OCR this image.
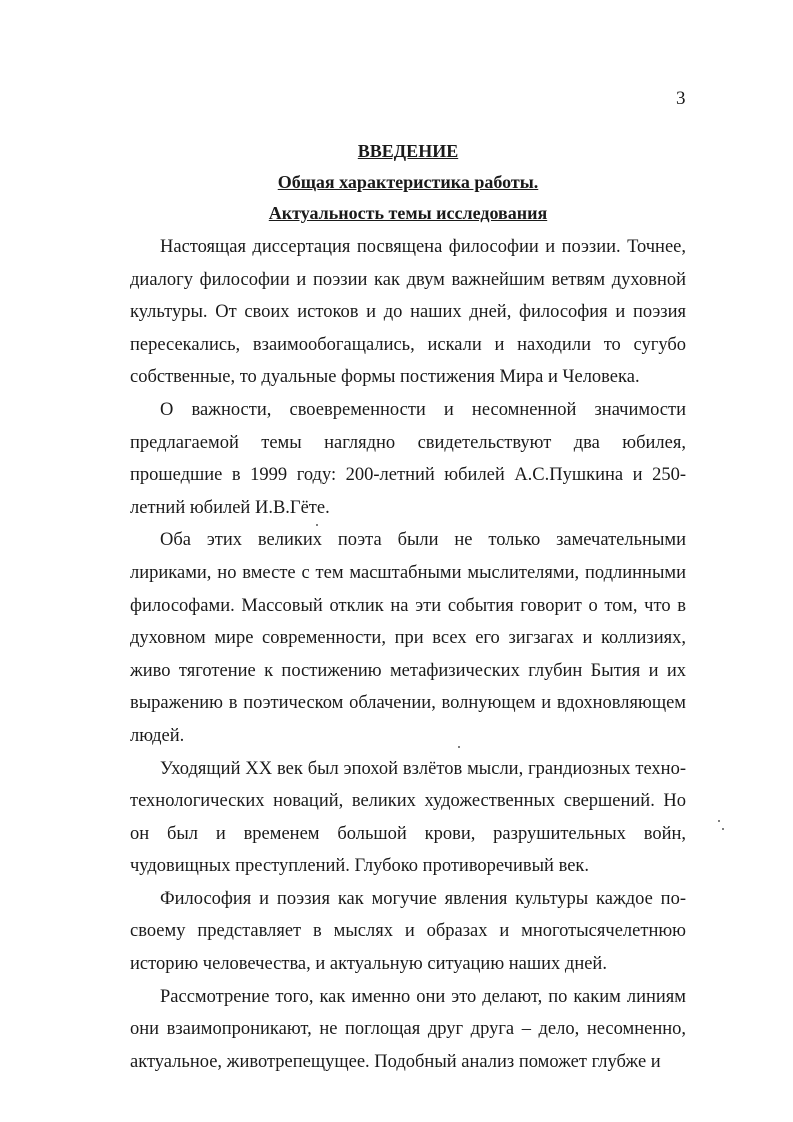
3
ВВЕДЕНИЕ
Общая характеристика работы.
Актуальность темы исследования

Настоящая диссертация посвящена философии и поэзии. Точнее, диалогу философии и поэзии как двум важнейшим ветвям духовной культуры. От своих истоков и до наших дней, философия и поэзия пересекались, взаимообогащались, искали и находили то сугубо собственные, то дуальные формы постижения Мира и Человека.

О важности, своевременности и несомненной значимости предлагаемой темы наглядно свидетельствуют два юбилея, прошедшие в 1999 году: 200-летний юбилей А.С.Пушкина и 250-летний юбилей И.В.Гёте.

Оба этих великих поэта были не только замечательными лириками, но вместе с тем масштабными мыслителями, подлинными философами. Массовый отклик на эти события говорит о том, что в духовном мире современности, при всех его зигзагах и коллизиях, живо тяготение к постижению метафизических глубин Бытия и их выражению в поэтическом облачении, волнующем и вдохновляющем людей.

Уходящий XX век был эпохой взлётов мысли, грандиозных техно-технологических новаций, великих художественных свершений. Но он был и временем большой крови, разрушительных войн, чудовищных преступлений. Глубоко противоречивый век.

Философия и поэзия как могучие явления культуры каждое по-своему представляет в мыслях и образах и многотысячелетнюю историю человечества, и актуальную ситуацию наших дней.

Рассмотрение того, как именно они это делают, по каким линиям они взаимопроникают, не поглощая друг друга – дело, несомненно, актуальное, животрепещущее. Подобный анализ поможет глубже и
